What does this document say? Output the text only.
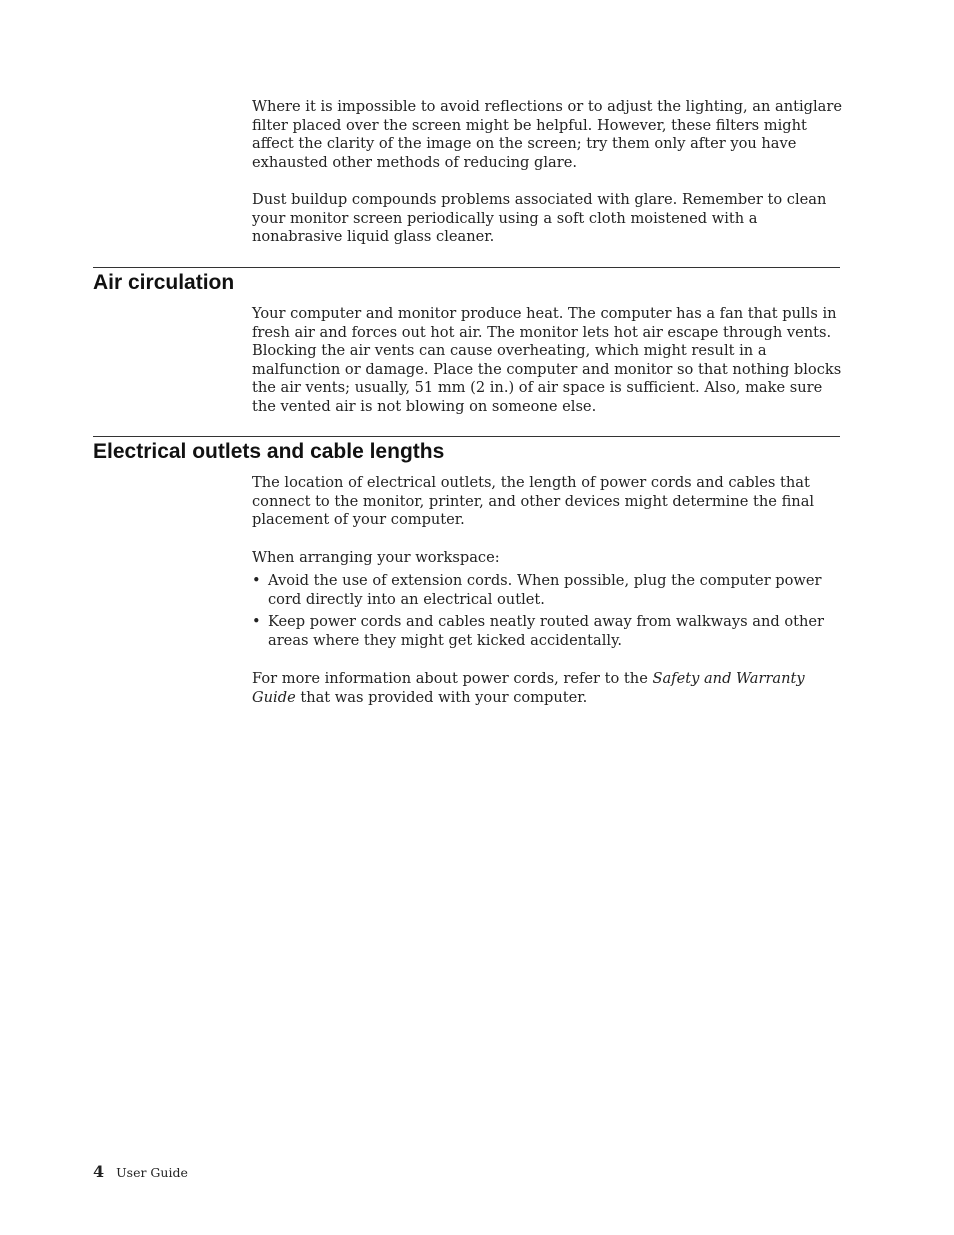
Where it is impossible to avoid reflections or to adjust the lighting, an antiglare filter placed over the screen might be helpful. However, these filters might affect the clarity of the image on the screen; try them only after you have exhausted other methods of reducing glare.

Dust buildup compounds problems associated with glare. Remember to clean your monitor screen periodically using a soft cloth moistened with a nonabrasive liquid glass cleaner.

Air circulation

Your computer and monitor produce heat. The computer has a fan that pulls in fresh air and forces out hot air. The monitor lets hot air escape through vents. Blocking the air vents can cause overheating, which might result in a malfunction or damage. Place the computer and monitor so that nothing blocks the air vents; usually, 51 mm (2 in.) of air space is sufficient. Also, make sure the vented air is not blowing on someone else.

Electrical outlets and cable lengths

The location of electrical outlets, the length of power cords and cables that connect to the monitor, printer, and other devices might determine the final placement of your computer.

When arranging your workspace:

• Avoid the use of extension cords. When possible, plug the computer power cord directly into an electrical outlet.
• Keep power cords and cables neatly routed away from walkways and other areas where they might get kicked accidentally.

For more information about power cords, refer to the Safety and Warranty Guide that was provided with your computer.

4 User Guide
